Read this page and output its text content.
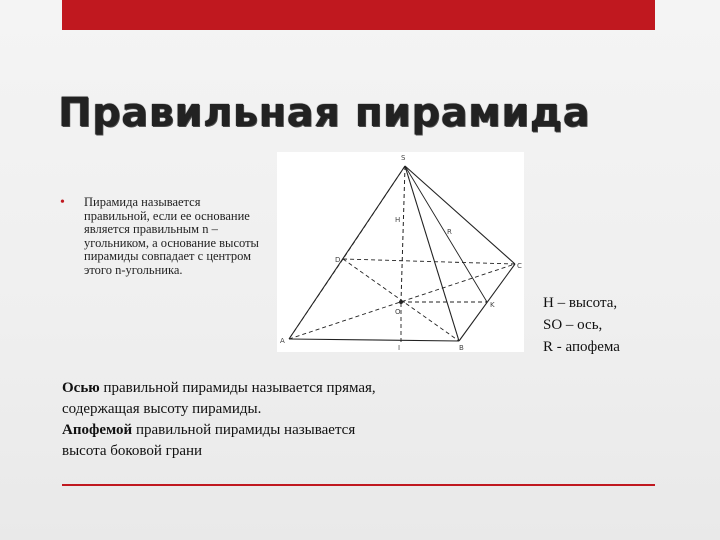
Правильная пирамида
• Пирамида называется правильной, если ее основание является правильным n – угольником, а основание высоты пирамиды совпадает с центром этого n-угольника.
S
A
B
C
D
O
K
I
H
R
H – высота,
SO – ось,
R - апофема
Осью правильной пирамиды называется прямая, содержащая высоту пирамиды.
Апофемой правильной пирамиды называется высота боковой грани
